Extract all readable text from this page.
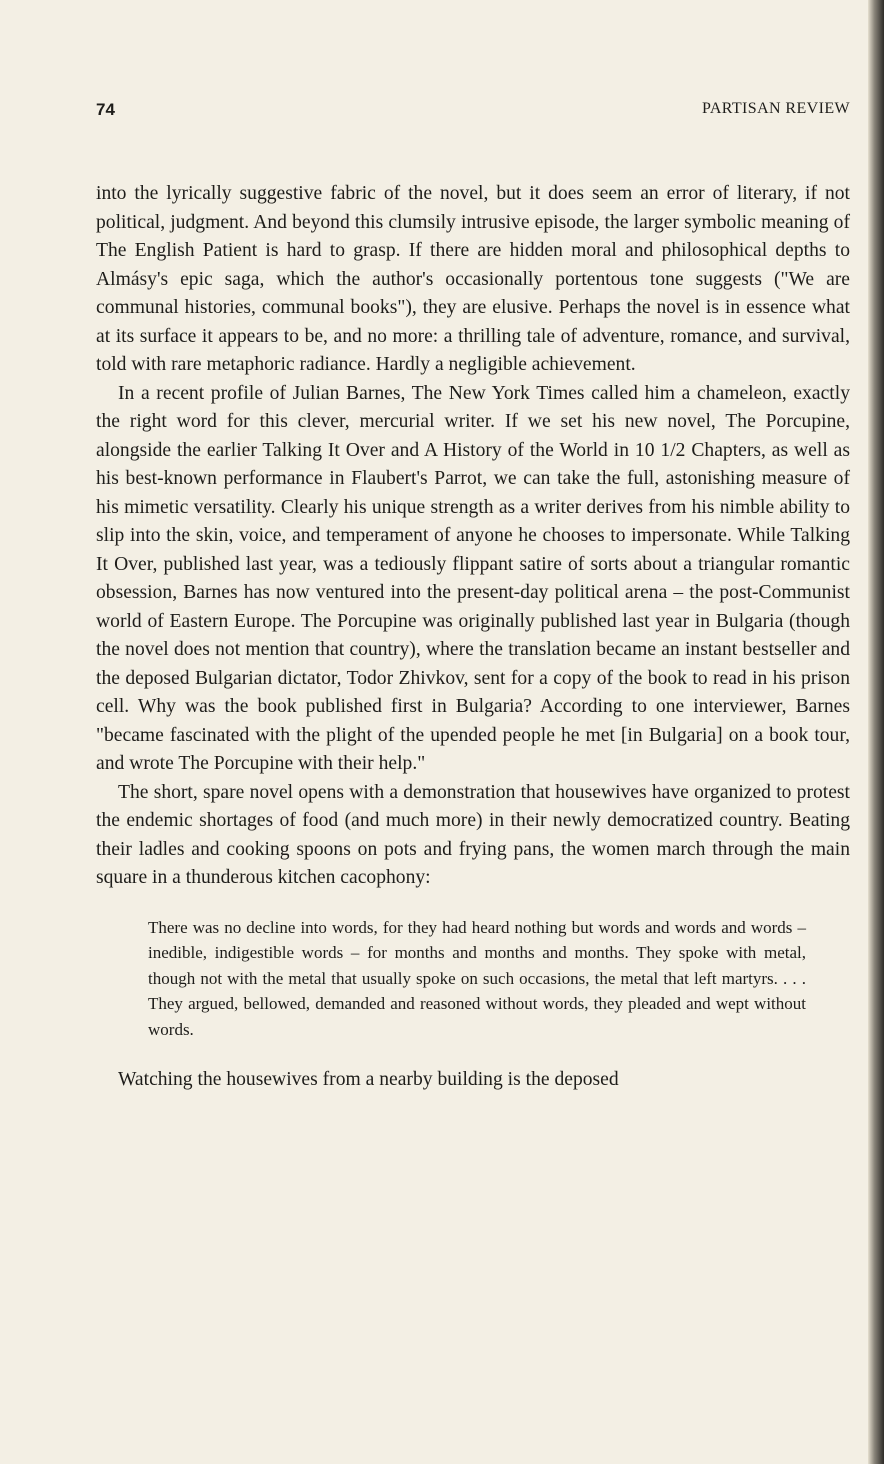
74	PARTISAN REVIEW

into the lyrically suggestive fabric of the novel, but it does seem an error of literary, if not political, judgment. And beyond this clumsily intrusive episode, the larger symbolic meaning of The English Patient is hard to grasp. If there are hidden moral and philosophical depths to Almásy's epic saga, which the author's occasionally portentous tone suggests ("We are communal histories, communal books"), they are elusive. Perhaps the novel is in essence what at its surface it appears to be, and no more: a thrilling tale of adventure, romance, and survival, told with rare metaphoric radiance. Hardly a negligible achievement.

In a recent profile of Julian Barnes, The New York Times called him a chameleon, exactly the right word for this clever, mercurial writer. If we set his new novel, The Porcupine, alongside the earlier Talking It Over and A History of the World in 10 1/2 Chapters, as well as his best-known performance in Flaubert's Parrot, we can take the full, astonishing measure of his mimetic versatility. Clearly his unique strength as a writer derives from his nimble ability to slip into the skin, voice, and temperament of anyone he chooses to impersonate. While Talking It Over, published last year, was a tediously flippant satire of sorts about a triangular romantic obsession, Barnes has now ventured into the present-day political arena – the post-Communist world of Eastern Europe. The Porcupine was originally published last year in Bulgaria (though the novel does not mention that country), where the translation became an instant bestseller and the deposed Bulgarian dictator, Todor Zhivkov, sent for a copy of the book to read in his prison cell. Why was the book published first in Bulgaria? According to one interviewer, Barnes "became fascinated with the plight of the upended people he met [in Bulgaria] on a book tour, and wrote The Porcupine with their help."

The short, spare novel opens with a demonstration that housewives have organized to protest the endemic shortages of food (and much more) in their newly democratized country. Beating their ladles and cooking spoons on pots and frying pans, the women march through the main square in a thunderous kitchen cacophony:

There was no decline into words, for they had heard nothing but words and words and words – inedible, indigestible words – for months and months and months. They spoke with metal, though not with the metal that usually spoke on such occasions, the metal that left martyrs. . . . They argued, bellowed, demanded and reasoned without words, they pleaded and wept without words.

Watching the housewives from a nearby building is the deposed
